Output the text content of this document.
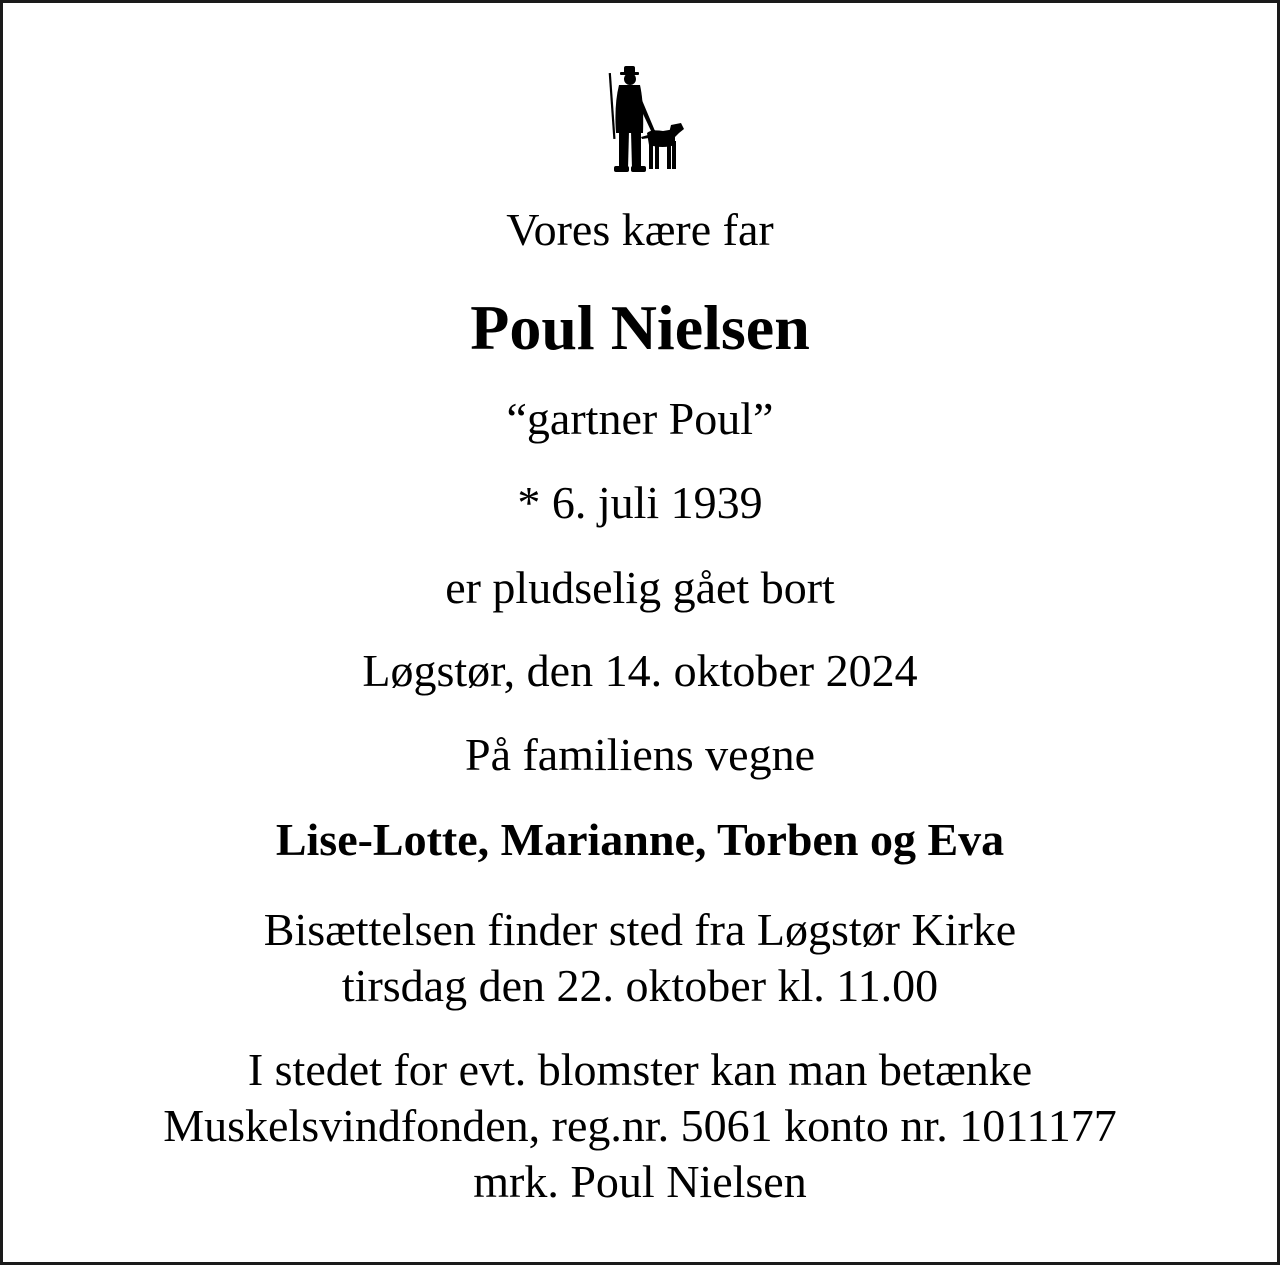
Vores kære far

Poul Nielsen

“gartner Poul”

* 6. juli 1939

er pludselig gået bort

Løgstør, den 14. oktober 2024

På familiens vegne

Lise-Lotte, Marianne, Torben og Eva

Bisættelsen finder sted fra Løgstør Kirke
tirsdag den 22. oktober kl. 11.00

I stedet for evt. blomster kan man betænke
Muskelsvindfonden, reg.nr. 5061 konto nr. 1011177
mrk. Poul Nielsen
